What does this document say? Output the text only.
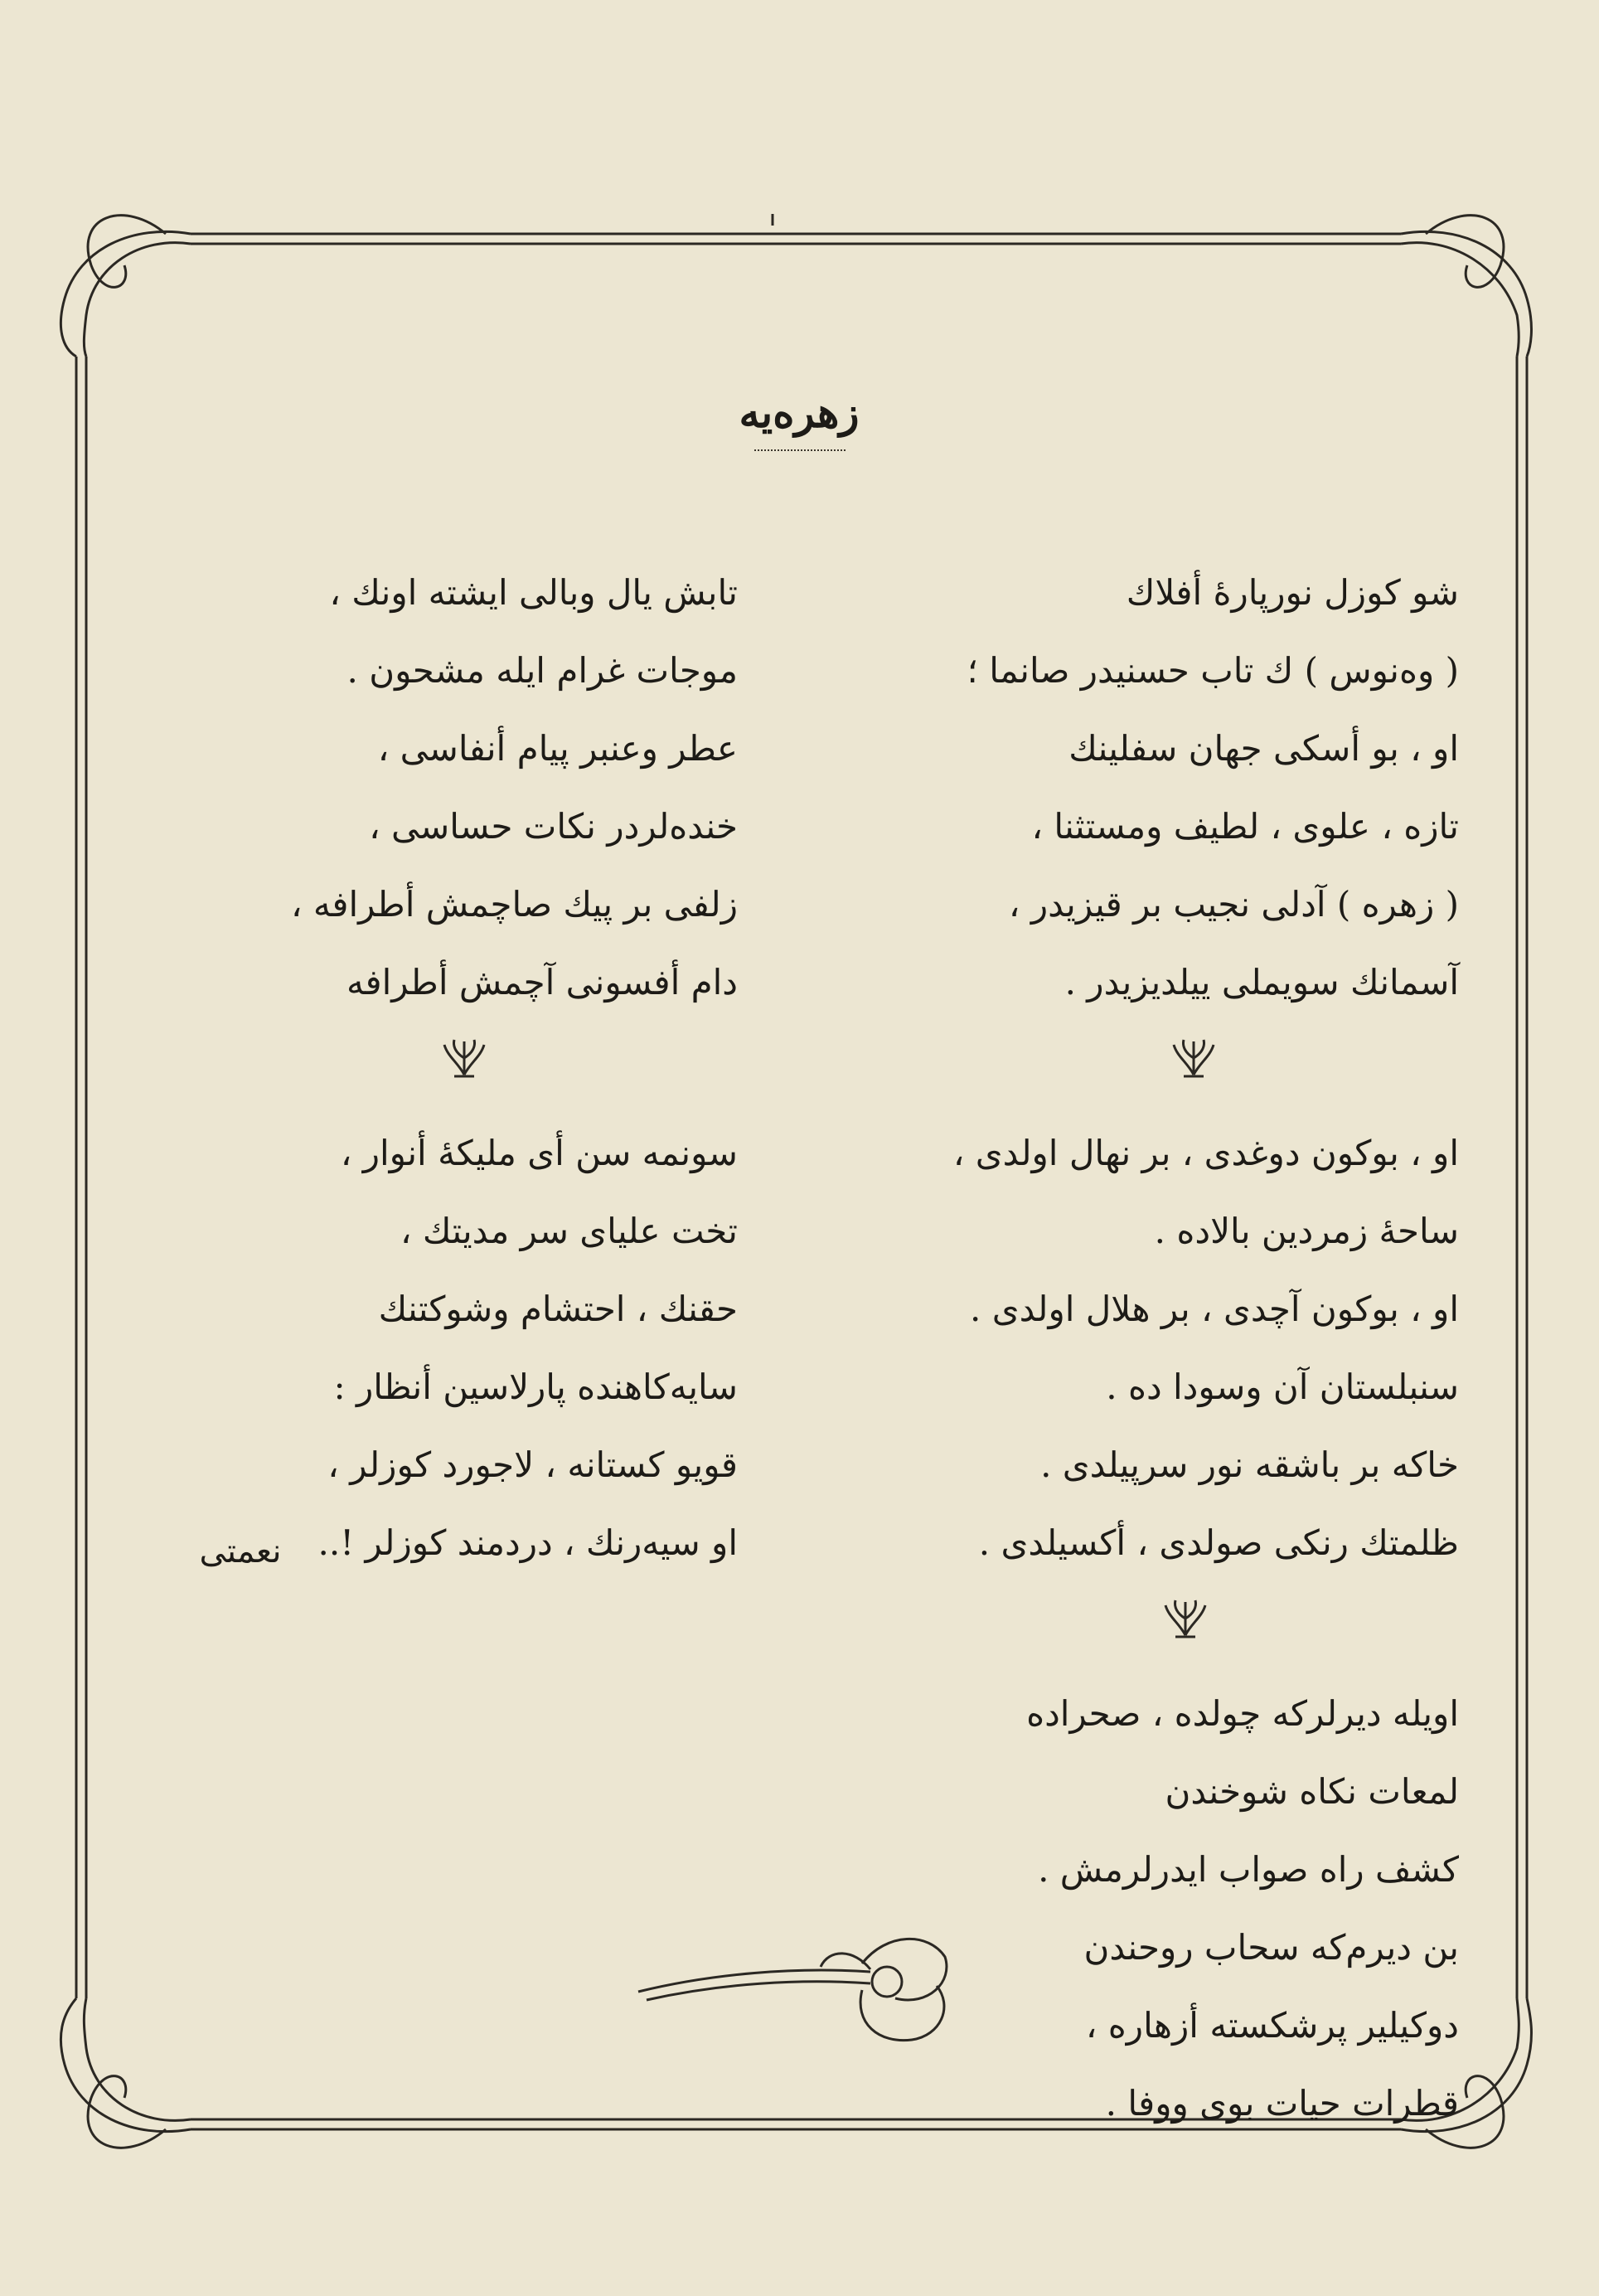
زهره‌یه
شو کوزل نورپارۀ أفلاك
( وەنوس ) ك تاب حسنيدر صانما ؛
او ، بو أسكی جهان سفلينك
تازه ، علوی ، لطيف ومستثنا ،
( زهره ) آدلی نجيب بر قيزيدر ،
آسمانك سویملی ييلديزيدر .
او ، بوكون دوغدی ، بر نهال اولدی ،
ساحۀ زمردين بالاده .
او ، بوكون آچدی ، بر هلال اولدی .
سنبلستان آن وسودا ده .
خاكه بر باشقه نور سرپيلدی .
ظلمتك رنكی صولدی ، أكسيلدی .
اويله ديرلركه چولده ، صحراده
لمعات نكاه شوخندن
كشف راه صواب ايدرلرمش .
بن ديرم‌كه سحاب روحندن
دوكيلير پرشكسته أزهاره ،
قطرات حيات بوی ووفا .
تابش يال وبالی ايشته اونك ،
موجات غرام ايله مشحون .
عطر وعنبر پيام أنفاسی ،
خنده‌لردر نكات حساسی ،
زلفی بر پيك صاچمش أطرافه ،
دام أفسونی آچمش أطرافه
سونمه سن أی مليكۀ أنوار ،
تخت عليای سر مديتك ،
حقنك ، احتشام وشوكتنك
سايه‌كاهنده پارلاسين أنظار :
قويو كستانه ، لاجورد كوزلر ،
او سيه‌رنك ، دردمند كوزلر !..
نعمتی
